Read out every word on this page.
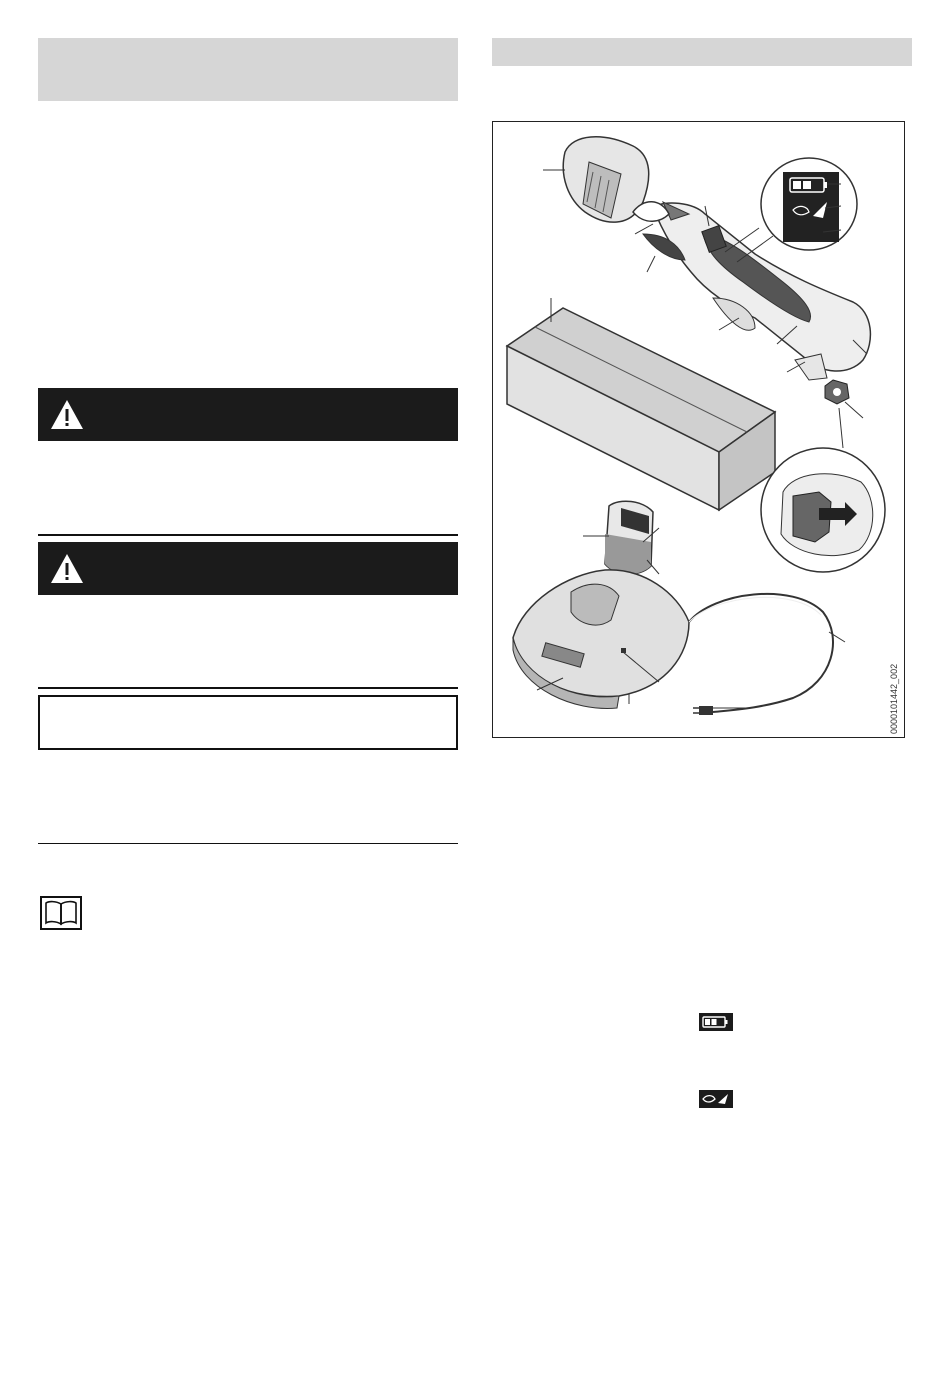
0000101442_002
